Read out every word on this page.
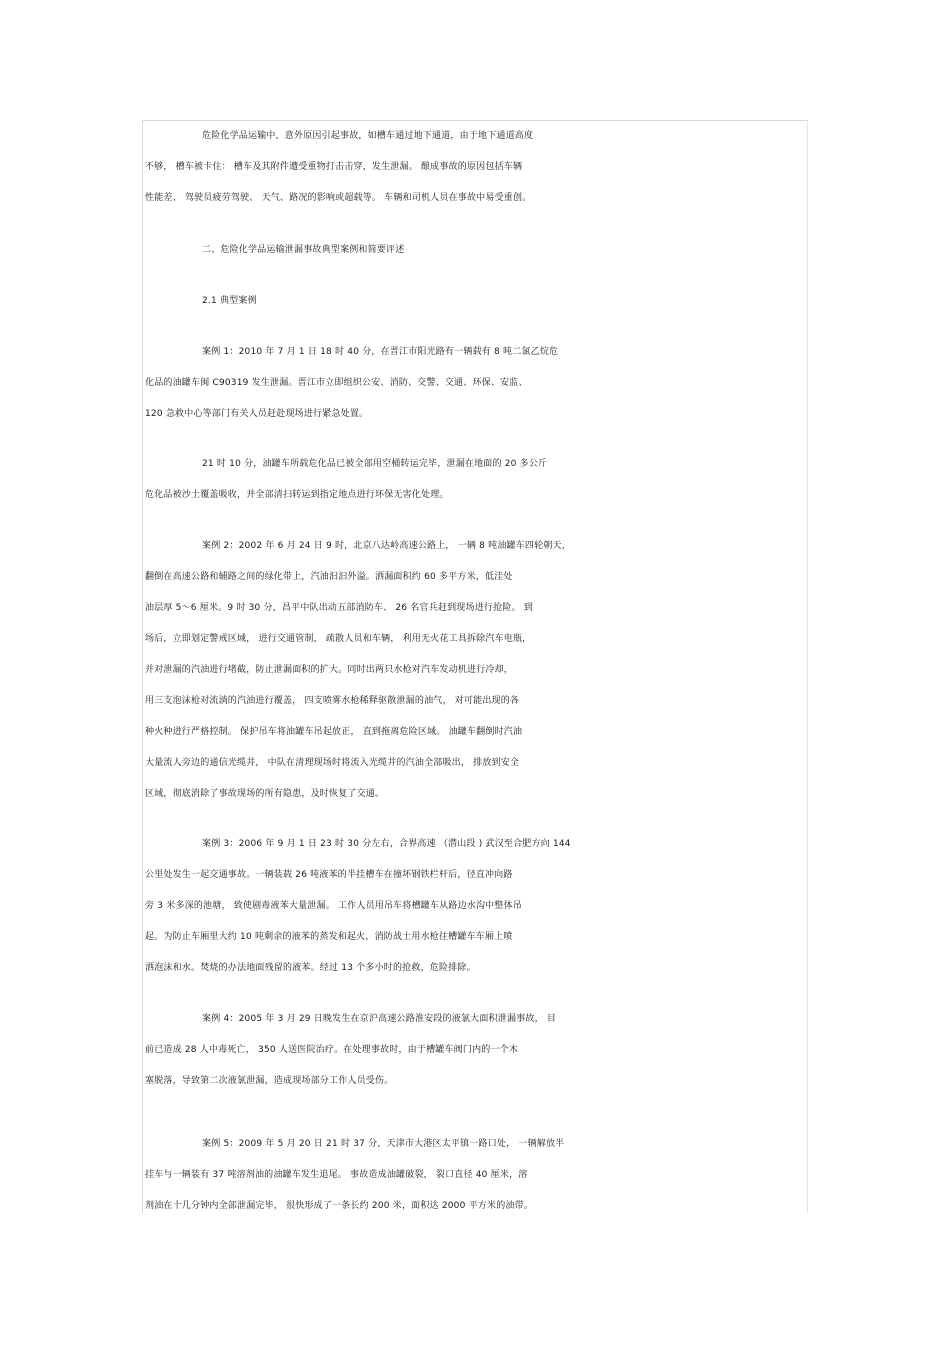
危险化学品运输中，意外原因引起事故，如槽车通过地下通道，由于地下通道高度
不够， 槽车被卡住： 槽车及其附件遭受重物打击击穿，发生泄漏。 酿成事故的原因包括车辆
性能差、 驾驶员疲劳驾驶、 天气、路况的影响或超载等。 车辆和司机人员在事故中易受重创。
二、危险化学品运输泄漏事故典型案例和简要评述
2.1 典型案例
案例 1：2010 年 7 月 1 日 18 时 40 分，在晋江市阳光路有一辆载有 8 吨二氯乙烷危
化品的油罐车闽 C90319 发生泄漏。晋江市立即组织公安、消防、交警、交通、环保、安监、
120 急救中心等部门有关人员赶赴现场进行紧急处置。
21 时 10 分，油罐车所载危化品已被全部用空桶转运完毕，泄漏在地面的 20 多公斤
危化品被沙土覆盖吸收，并全部清扫转运到指定地点进行环保无害化处理。
案例 2：2002 年 6 月 24 日 9 时，北京八达岭高速公路上， 一辆 8 吨油罐车四轮朝天，
翻倒在高速公路和辅路之间的绿化带上，汽油汩汩外溢。洒漏面积约 60 多平方米，低洼处
油层厚 5～6 厘米。9 时 30 分，昌平中队出动五部消防车、 26 名官兵赶到现场进行抢险。 到
场后，立即划定警戒区域， 进行交通管制， 疏散人员和车辆， 利用无火花工具拆除汽车电瓶，
并对泄漏的汽油进行堵截，防止泄漏面积的扩大。同时出两只水枪对汽车发动机进行冷却，
用三支泡沫枪对流淌的汽油进行覆盖， 四支喷雾水枪稀释驱散泄漏的油气， 对可能出现的各
种火种进行严格控制。 保护吊车将油罐车吊起放正， 直到拖离危险区域。 油罐车翻倒时汽油
大量流人旁边的通信光缆井， 中队在清理现场时将流入光缆井的汽油全部吸出， 排放到安全
区域，彻底消除了事故现场的所有隐患，及时恢复了交通。
案例 3：2006 年 9 月 1 日 23 时 30 分左右，合界高速 （潜山段 ) 武汉至合肥方向 144
公里处发生一起交通事故。一辆装载 26 吨液苯的半挂槽车在撞坏钢铁栏杆后，径直冲向路
旁 3 米多深的池塘， 致使剧毒液苯大量泄漏。 工作人员用吊车将槽罐车从路边水沟中整体吊
起。为防止车厢里大约 10 吨剩余的液苯的蒸发和起火，消防战士用水枪往槽罐车车厢上喷
洒泡沫和水。焚烧的办法地面残留的液苯。经过 13 个多小时的抢救，危险排除。
案例 4：2005 年 3 月 29 日晚发生在京沪高速公路淮安段的液氯大面积泄漏事故， 目
前已造成 28 人中毒死亡， 350 人送医院治疗。在处理事故时，由于槽罐车阀门内的一个木
塞脱落，导致第二次液氯泄漏，造成现场部分工作人员受伤。
案例 5：2009 年 5 月 20 日 21 时 37 分，天津市大港区太平镇一路口处， 一辆解放半
挂车与一辆装有 37 吨溶剂油的油罐车发生追尾。 事故造成油罐破裂， 裂口直径 40 厘米，溶
剂油在十几分钟内全部泄漏完毕， 很快形成了一条长约 200 米，面积达 2000 平方米的油带。
